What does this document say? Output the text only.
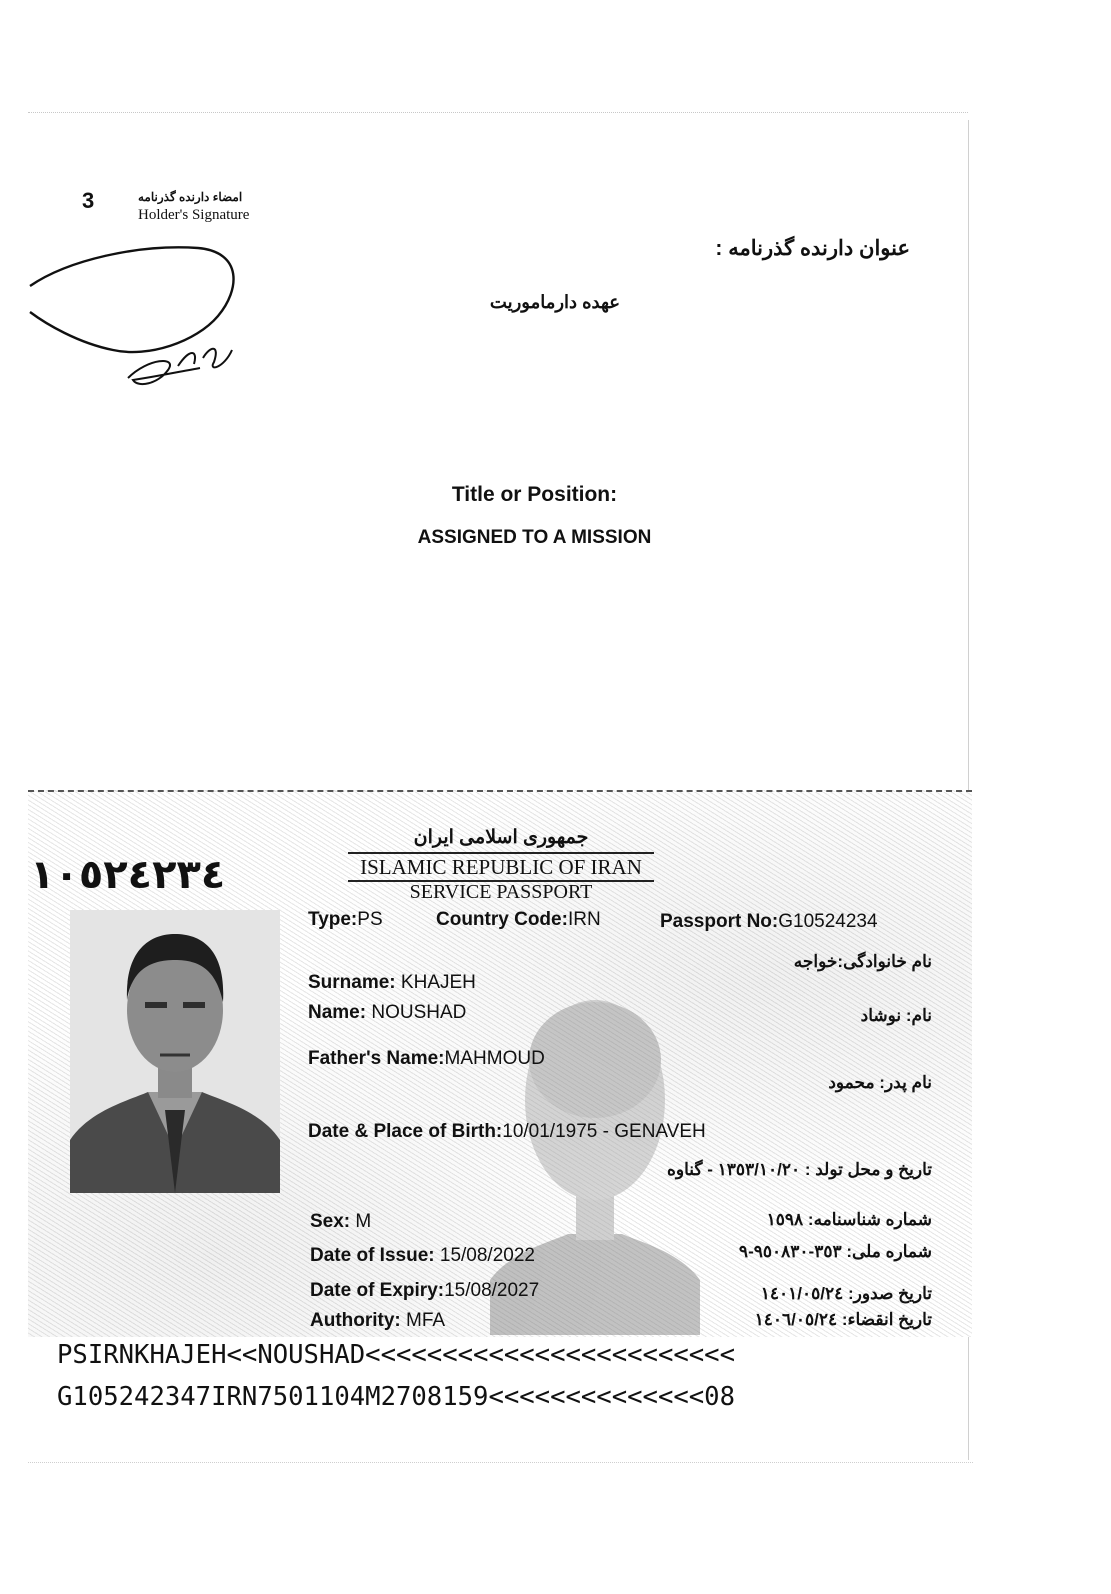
3	امضاء دارنده گذرنامه
Holder's Signature
عنوان دارنده گذرنامه :
عهده دارماموريت
Title or Position:
ASSIGNED TO A MISSION
١٠٥٢٤٢٣٤
جمهوری اسلامی ایران
ISLAMIC REPUBLIC OF IRAN
SERVICE PASSPORT
Type:PS	Country Code:IRN	Passport No:G10524234
نام خانوادگی:خواجه
Surname: KHAJEH
Name: NOUSHAD	نام: نوشاد
Father's Name:MAHMOUD
نام پدر: محمود
Date & Place of Birth:10/01/1975 - GENAVEH
تاریخ و محل تولد : ١٣٥٣/١٠/٢٠ - گناوه
Sex: M	شماره شناسنامه: ١٥٩٨
Date of Issue: 15/08/2022	شماره ملی: ٣٥٣-٩٥٠٨٣٠-٩
Date of Expiry:15/08/2027	تاریخ صدور: ١٤٠١/٠٥/٢٤
Authority: MFA	تاریخ انقضاء: ١٤٠٦/٠٥/٢٤
PSIRNKHAJEH<<NOUSHAD<<<<<<<<<<<<<<<<<<<<<<<<
G105242347IRN7501104M2708159<<<<<<<<<<<<<<08
